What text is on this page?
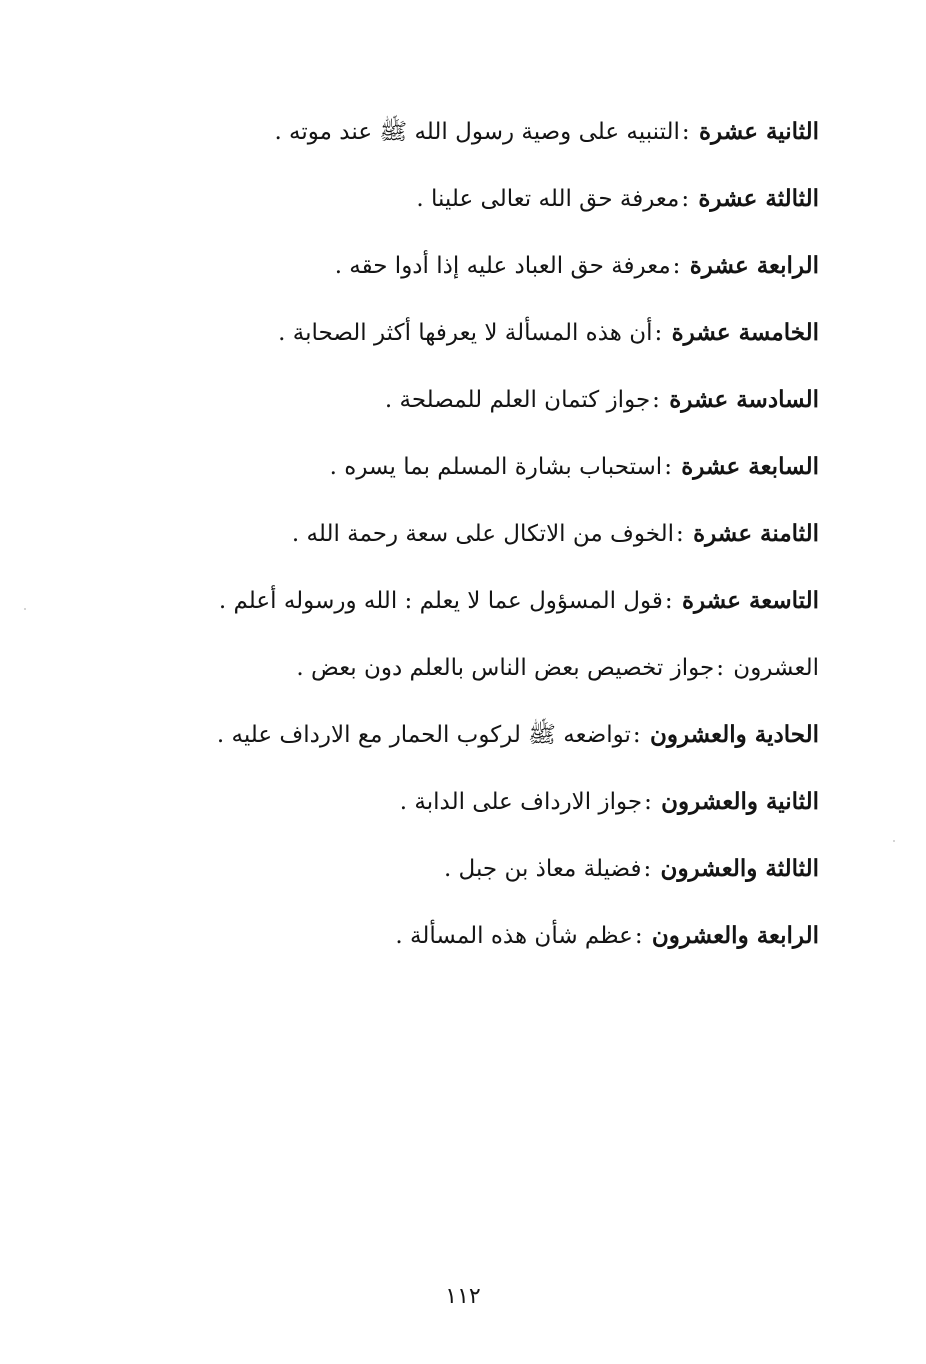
الثانية عشرة :التنبيه على وصية رسول الله ﷺ عند موته .
الثالثة عشرة :معرفة حق الله تعالى علينا .
الرابعة عشرة :معرفة حق العباد عليه إذا أدوا حقه .
الخامسة عشرة :أن هذه المسألة لا يعرفها أكثر الصحابة .
السادسة عشرة :جواز كتمان العلم للمصلحة .
السابعة عشرة :استحباب بشارة المسلم بما يسره .
الثامنة عشرة :الخوف من الاتكال على سعة رحمة الله .
التاسعة عشرة :قول المسؤول عما لا يعلم : الله ورسوله أعلم .
العشرون :جواز تخصيص بعض الناس بالعلم دون بعض .
الحادية والعشرون :تواضعه ﷺ لركوب الحمار مع الارداف عليه .
الثانية والعشرون :جواز الارداف على الدابة .
الثالثة والعشرون :فضيلة معاذ بن جبل .
الرابعة والعشرون :عظم شأن هذه المسألة .
١١٢
